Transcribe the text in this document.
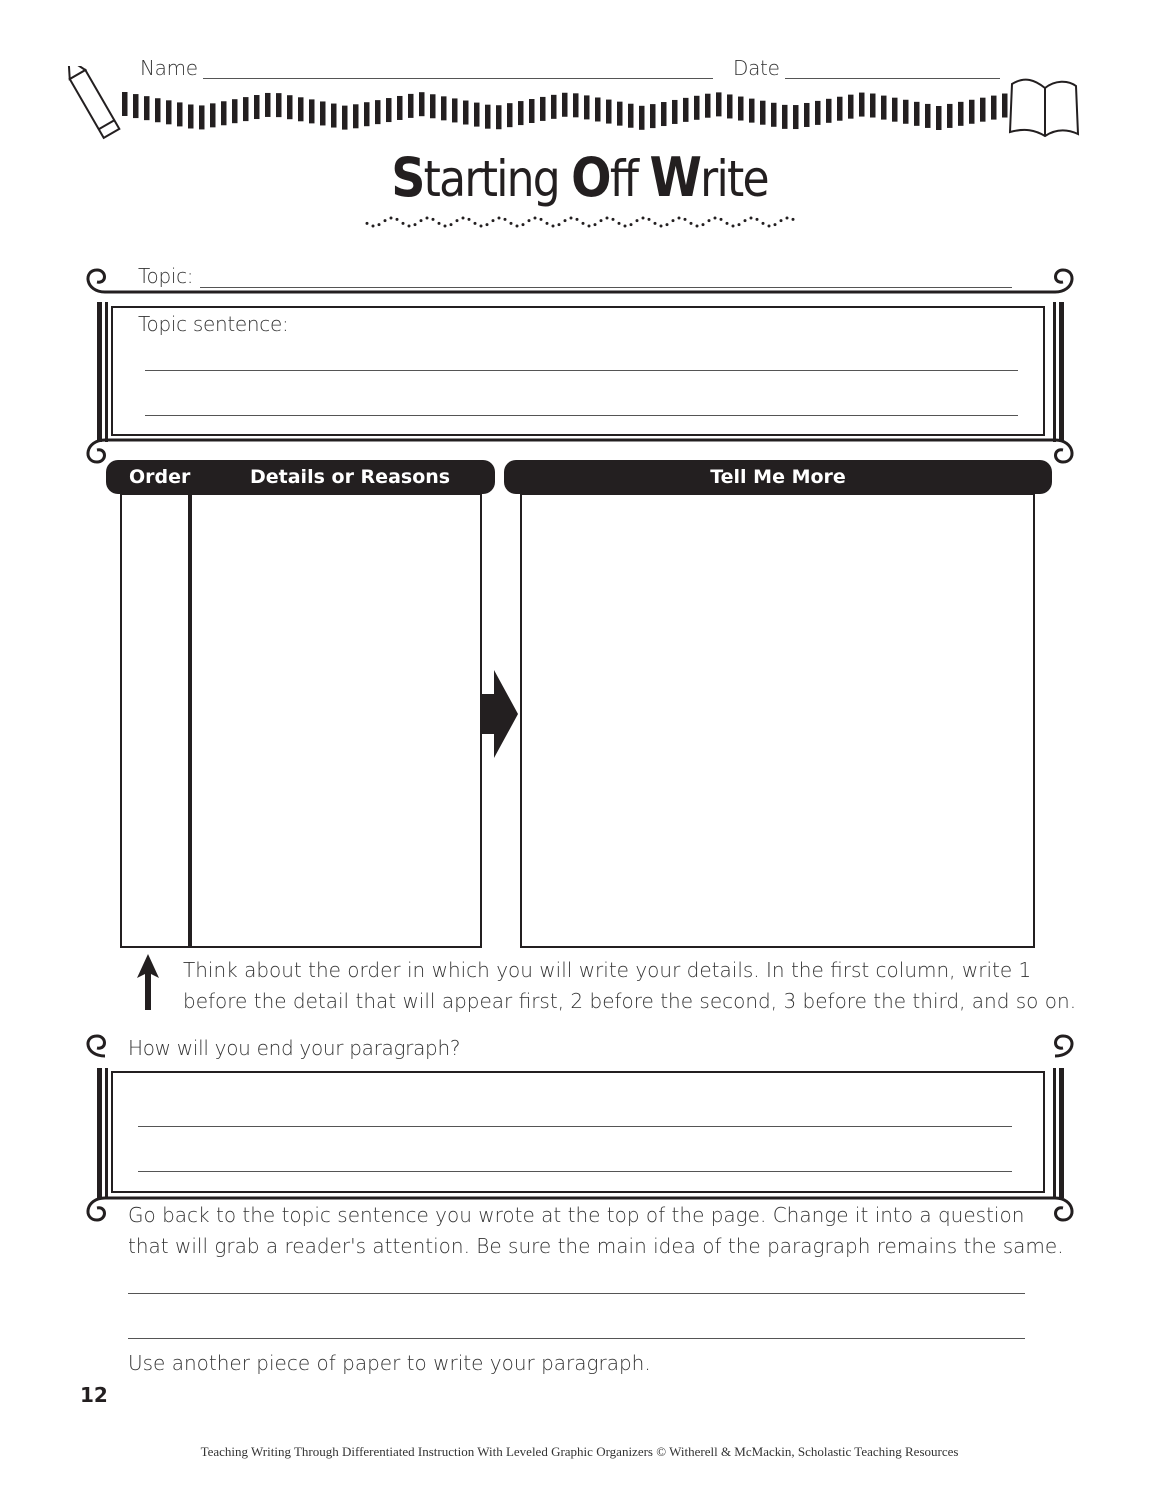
Name	Date
Starting Off Write
Topic:
Topic sentence:
Order	Details or Reasons	Tell Me More
Think about the order in which you will write your details. In the first column, write 1
before the detail that will appear first, 2 before the second, 3 before the third, and so on.
How will you end your paragraph?
Go back to the topic sentence you wrote at the top of the page. Change it into a question
that will grab a reader's attention. Be sure the main idea of the paragraph remains the same.
Use another piece of paper to write your paragraph.
12
Teaching Writing Through Differentiated Instruction With Leveled Graphic Organizers © Witherell & McMackin, Scholastic Teaching Resources
